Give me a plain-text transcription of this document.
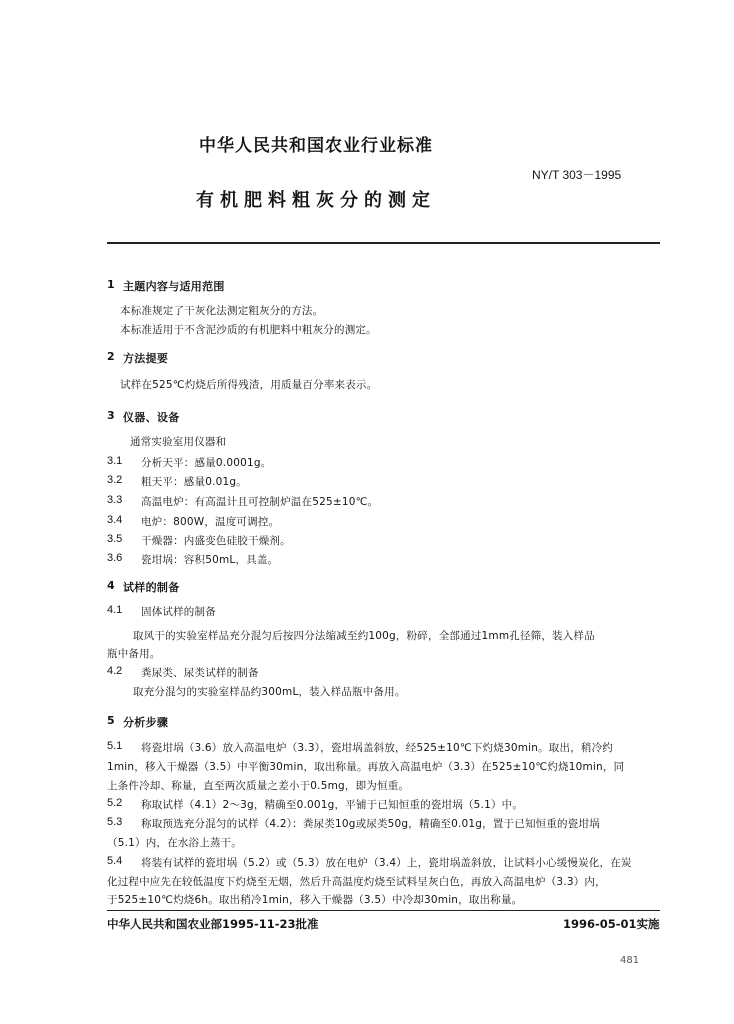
中华人民共和国农业行业标准
NY/T 303－1995
有机肥料粗灰分的测定
1 主题内容与适用范围
本标准规定了干灰化法测定粗灰分的方法。
本标准适用于不含泥沙质的有机肥料中粗灰分的测定。
2 方法提要
试样在525℃灼烧后所得残渣，用质量百分率来表示。
3 仪器、设备
通常实验室用仪器和
3.1 分析天平：感量0.0001g。
3.2 粗天平：感量0.01g。
3.3 高温电炉：有高温计且可控制炉温在525±10℃。
3.4 电炉：800W，温度可调控。
3.5 干燥器：内盛变色硅胶干燥剂。
3.6 瓷坩埚：容积50mL，具盖。
4 试样的制备
4.1 固体试样的制备
取风干的实验室样品充分混匀后按四分法缩减至约100g，粉碎，全部通过1mm孔径筛，装入样品
瓶中备用。
4.2 粪尿类、尿类试样的制备
取充分混匀的实验室样品约300mL，装入样品瓶中备用。
5 分析步骤
5.1 将瓷坩埚（3.6）放入高温电炉（3.3），瓷坩埚盖斜放，经525±10℃下灼烧30min。取出，稍冷约
1min，移入干燥器（3.5）中平衡30min，取出称量。再放入高温电炉（3.3）在525±10℃灼烧10min，同
上条件冷却、称量，直至两次质量之差小于0.5mg，即为恒重。
5.2 称取试样（4.1）2～3g，精确至0.001g，平铺于已知恒重的瓷坩埚（5.1）中。
5.3 称取预选充分混匀的试样（4.2）：粪尿类10g或尿类50g，精确至0.01g，置于已知恒重的瓷坩埚
（5.1）内，在水浴上蒸干。
5.4 将装有试样的瓷坩埚（5.2）或（5.3）放在电炉（3.4）上，瓷坩埚盖斜放，让试料小心缓慢炭化，在炭
化过程中应先在较低温度下灼烧至无烟，然后升高温度灼烧至试料呈灰白色，再放入高温电炉（3.3）内，
于525±10℃灼烧6h。取出稍冷1min，移入干燥器（3.5）中冷却30min，取出称量。
中华人民共和国农业部1995-11-23批准	1996-05-01实施
481
